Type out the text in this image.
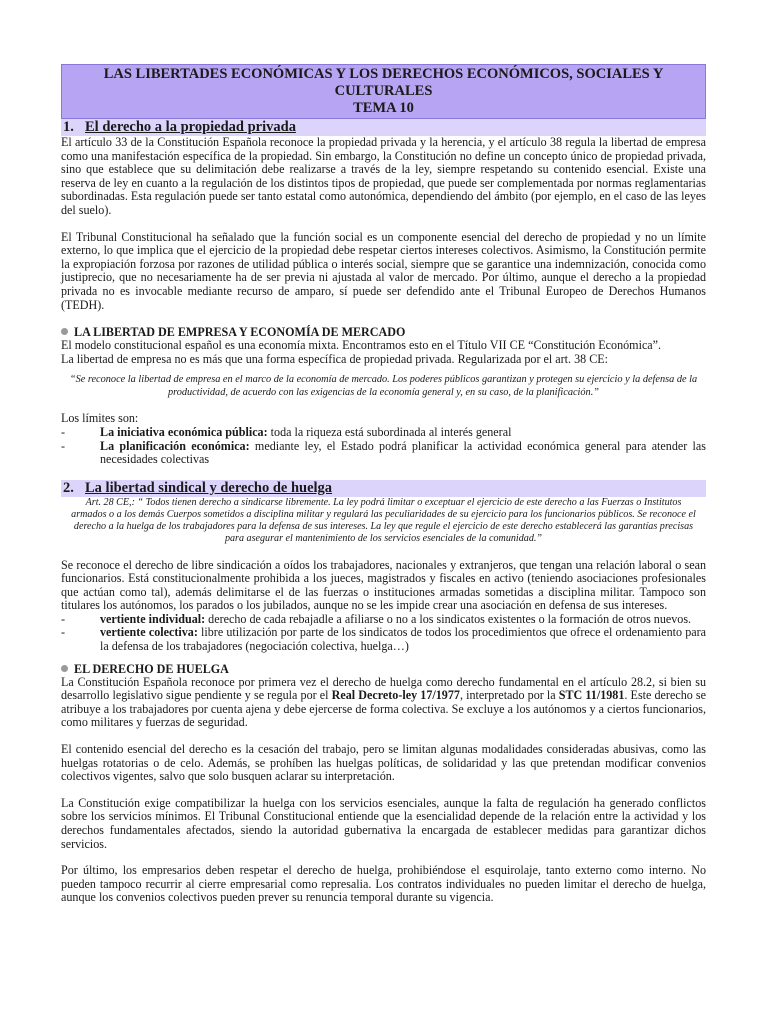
LAS LIBERTADES ECONÓMICAS Y LOS DERECHOS ECONÓMICOS, SOCIALES Y CULTURALES
TEMA 10
1. El derecho a la propiedad privada

El artículo 33 de la Constitución Española reconoce la propiedad privada y la herencia, y el artículo 38 regula la libertad de empresa como una manifestación específica de la propiedad. Sin embargo, la Constitución no define un concepto único de propiedad privada, sino que establece que su delimitación debe realizarse a través de la ley, siempre respetando su contenido esencial. Existe una reserva de ley en cuanto a la regulación de los distintos tipos de propiedad, que puede ser complementada por normas reglamentarias subordinadas. Esta regulación puede ser tanto estatal como autonómica, dependiendo del ámbito (por ejemplo, en el caso de las leyes del suelo).

El Tribunal Constitucional ha señalado que la función social es un componente esencial del derecho de propiedad y no un límite externo, lo que implica que el ejercicio de la propiedad debe respetar ciertos intereses colectivos. Asimismo, la Constitución permite la expropiación forzosa por razones de utilidad pública o interés social, siempre que se garantice una indemnización, conocida como justiprecio, que no necesariamente ha de ser previa ni ajustada al valor de mercado. Por último, aunque el derecho a la propiedad privada no es invocable mediante recurso de amparo, sí puede ser defendido ante el Tribunal Europeo de Derechos Humanos (TEDH).

LA LIBERTAD DE EMPRESA Y ECONOMÍA DE MERCADO

El modelo constitucional español es una economía mixta. Encontramos esto en el Título VII CE “Constitución Económica”.

La libertad de empresa no es más que una forma específica de propiedad privada. Regularizada por el art. 38 CE:

“Se reconoce la libertad de empresa en el marco de la economía de mercado. Los poderes públicos garantizan y protegen su ejercicio y la defensa de la productividad, de acuerdo con las exigencias de la economía general y, en su caso, de la planificación.”

Los límites son:

-	La iniciativa económica pública: toda la riqueza está subordinada al interés general
-	La planificación económica: mediante ley, el Estado podrá planificar la actividad económica general para atender las necesidades colectivas
2. La libertad sindical y derecho de huelga
Art. 28 CE,: “ Todos tienen derecho a sindicarse libremente. La ley podrá limitar o exceptuar el ejercicio de este derecho a las Fuerzas o Institutos armados o a los demás Cuerpos sometidos a disciplina militar y regulará las peculiaridades de su ejercicio para los funcionarios públicos. Se reconoce el derecho a la huelga de los trabajadores para la defensa de sus intereses. La ley que regule el ejercicio de este derecho establecerá las garantías precisas para asegurar el mantenimiento de los servicios esenciales de la comunidad.”

Se reconoce el derecho de libre sindicación a oídos los trabajadores, nacionales y extranjeros, que tengan una relación laboral o sean funcionarios. Está constitucionalmente prohibida a los jueces, magistrados y fiscales en activo (teniendo asociaciones profesionales que actúan como tal), además delimitarse el de las fuerzas o instituciones armadas sometidas a disciplina militar. Tampoco son titulares los autónomos, los parados o los jubilados, aunque no se les impide crear una asociación en defensa de sus intereses.

-	vertiente individual: derecho de cada rebajadle a afiliarse o no a los sindicatos existentes o la formación de otros nuevos.
-	vertiente colectiva: libre utilización por parte de los sindicatos de todos los procedimientos que ofrece el ordenamiento para la defensa de los trabajadores (negociación colectiva, huelga…)
EL DERECHO DE HUELGA

La Constitución Española reconoce por primera vez el derecho de huelga como derecho fundamental en el artículo 28.2, si bien su desarrollo legislativo sigue pendiente y se regula por el Real Decreto-ley 17/1977, interpretado por la STC 11/1981. Este derecho se atribuye a los trabajadores por cuenta ajena y debe ejercerse de forma colectiva. Se excluye a los autónomos y a ciertos funcionarios, como militares y fuerzas de seguridad.

El contenido esencial del derecho es la cesación del trabajo, pero se limitan algunas modalidades consideradas abusivas, como las huelgas rotatorias o de celo. Además, se prohíben las huelgas políticas, de solidaridad y las que pretendan modificar convenios colectivos vigentes, salvo que solo busquen aclarar su interpretación.

La Constitución exige compatibilizar la huelga con los servicios esenciales, aunque la falta de regulación ha generado conflictos sobre los servicios mínimos. El Tribunal Constitucional entiende que la esencialidad depende de la relación entre la actividad y los derechos fundamentales afectados, siendo la autoridad gubernativa la encargada de establecer medidas para garantizar dichos servicios.

Por último, los empresarios deben respetar el derecho de huelga, prohibiéndose el esquirolaje, tanto externo como interno. No pueden tampoco recurrir al cierre empresarial como represalia. Los contratos individuales no pueden limitar el derecho de huelga, aunque los convenios colectivos pueden prever su renuncia temporal durante su vigencia.
